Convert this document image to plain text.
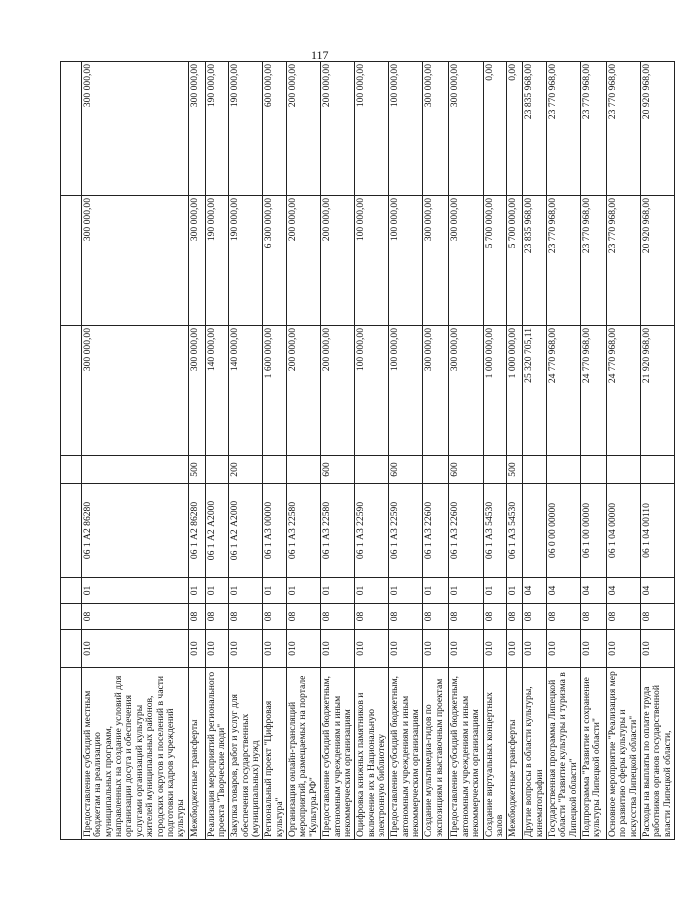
117

Предоставление субсидий местным бюджетам на реализацию муниципальных программ, направленных на создание условий для организации досуга и обеспечения услугами организаций культуры жителей муниципальных районов, городских округов и поселений в части подготовки кадров учреждений культуры	010	08	01	06 1 А2 86280		300 000,00	300 000,00	300 000,00
Межбюджетные трансферты	010	08	01	06 1 А2 86280	500	300 000,00	300 000,00	300 000,00
Реализация мероприятий регионального проекта "Творческие люди"	010	08	01	06 1 А2 А2000		140 000,00	190 000,00	190 000,00
Закупка товаров, работ и услуг для обеспечения государственных (муниципальных) нужд	010	08	01	06 1 А2 А2000	200	140 000,00	190 000,00	190 000,00
Региональный проект "Цифровая культура"	010	08	01	06 1 А3 00000		1 600 000,00	6 300 000,00	600 000,00
Организация онлайн-трансляций мероприятий, размещаемых на портале "Культура.РФ"	010	08	01	06 1 А3 22580		200 000,00	200 000,00	200 000,00
Предоставление субсидий бюджетным, автономным учреждениям и иным некоммерческим организациям	010	08	01	06 1 А3 22580	600	200 000,00	200 000,00	200 000,00
Оцифровка книжных памятников и включение их в Национальную электронную библиотеку	010	08	01	06 1 А3 22590		100 000,00	100 000,00	100 000,00
Предоставление субсидий бюджетным, автономным учреждениям и иным некоммерческим организациям	010	08	01	06 1 А3 22590	600	100 000,00	100 000,00	100 000,00
Создание мультимедиа-гидов по экспозициям и выставочным проектам	010	08	01	06 1 А3 22600		300 000,00	300 000,00	300 000,00
Предоставление субсидий бюджетным, автономным учреждениям и иным некоммерческим организациям	010	08	01	06 1 А3 22600	600	300 000,00	300 000,00	300 000,00
Создание виртуальных концертных залов	010	08	01	06 1 А3 54530		1 000 000,00	5 700 000,00	0,00
Межбюджетные трансферты	010	08	01	06 1 А3 54530	500	1 000 000,00	5 700 000,00	0,00
Другие вопросы в области культуры, кинематографии	010	08	04			25 320 705,11	23 835 968,00	23 835 968,00
Государственная программа Липецкой области "Развитие культуры и туризма в Липецкой области"	010	08	04	06 0 00 00000		24 770 968,00	23 770 968,00	23 770 968,00
Подпрограмма "Развитие и сохранение культуры Липецкой области"	010	08	04	06 1 00 00000		24 770 968,00	23 770 968,00	23 770 968,00
Основное мероприятие "Реализация мер по развитию сферы культуры и искусства Липецкой области"	010	08	04	06 1 04 00000		24 770 968,00	23 770 968,00	23 770 968,00
Расходы на выплаты по оплате труда работников органов государственной власти Липецкой области,	010	08	04	06 1 04 00110		21 920 968,00	20 920 968,00	20 920 968,00
